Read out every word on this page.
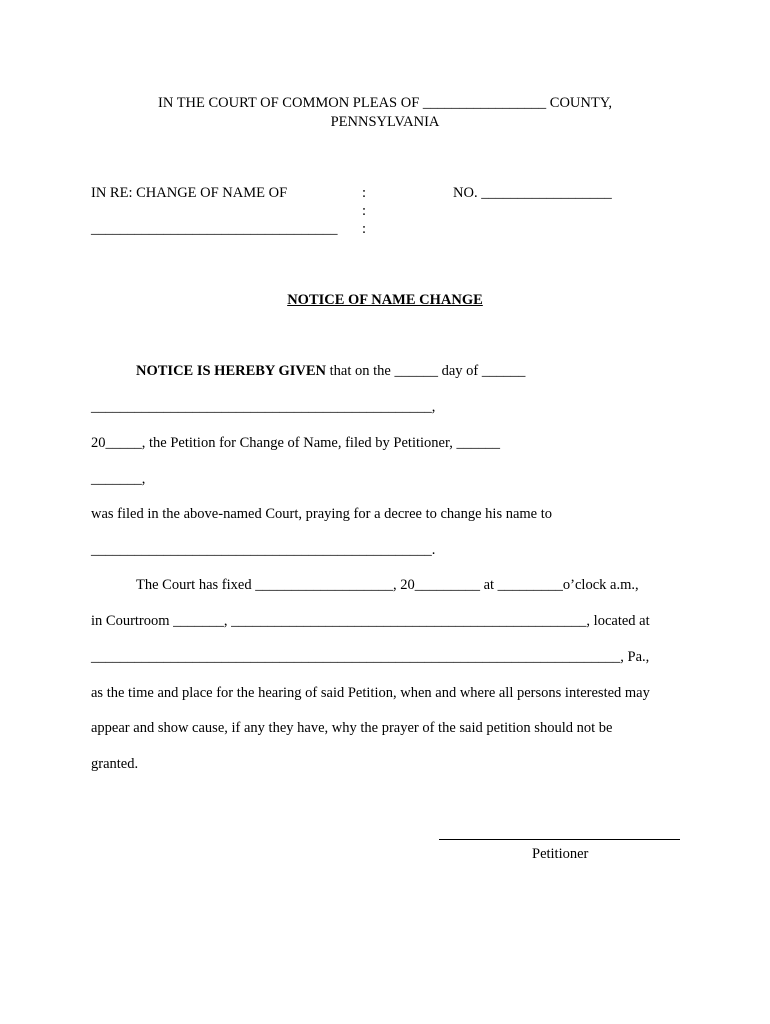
IN THE COURT OF COMMON PLEAS OF _________________ COUNTY,
PENNSYLVANIA
IN RE: CHANGE OF NAME OF	:
:
__________________________________ :
NO. __________________
NOTICE OF NAME CHANGE
NOTICE IS HEREBY GIVEN that on the ______ day of ______
_______________________________________________,
20_____, the Petition for Change of Name, filed by Petitioner, ______
_______,
was filed in the above-named Court, praying for a decree to change his name to
_______________________________________________.
The Court has fixed ___________________, 20_________ at _________o’clock a.m.,
in Courtroom _______, _________________________________________________, located at
_________________________________________________________________________, Pa.,
as the time and place for the hearing of said Petition, when and where all persons interested may
appear and show cause, if any they have, why the prayer of the said petition should not be
granted.
Petitioner
